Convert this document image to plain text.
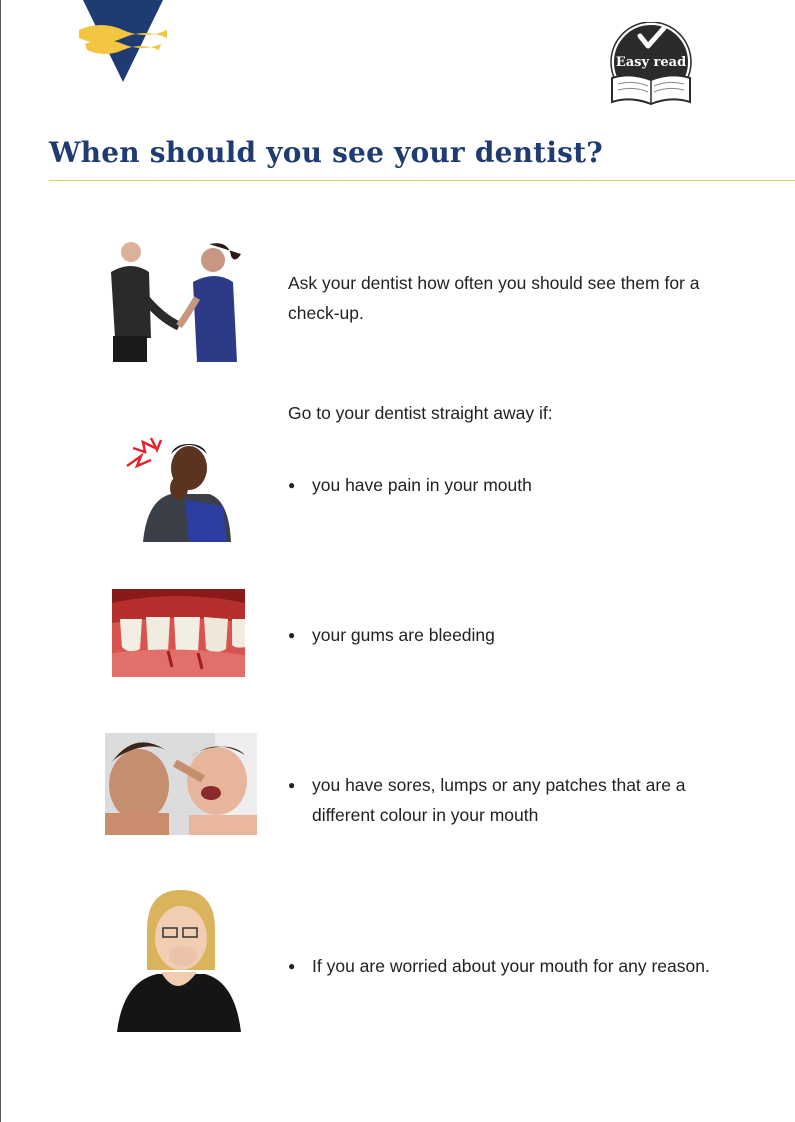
Easy read
When should you see your dentist?

Ask your dentist how often you should see them for a check-up.

Go to your dentist straight away if:

● you have pain in your mouth
● your gums are bleeding
● you have sores, lumps or any patches that are a different colour in your mouth
● If you are worried about your mouth for any reason.
